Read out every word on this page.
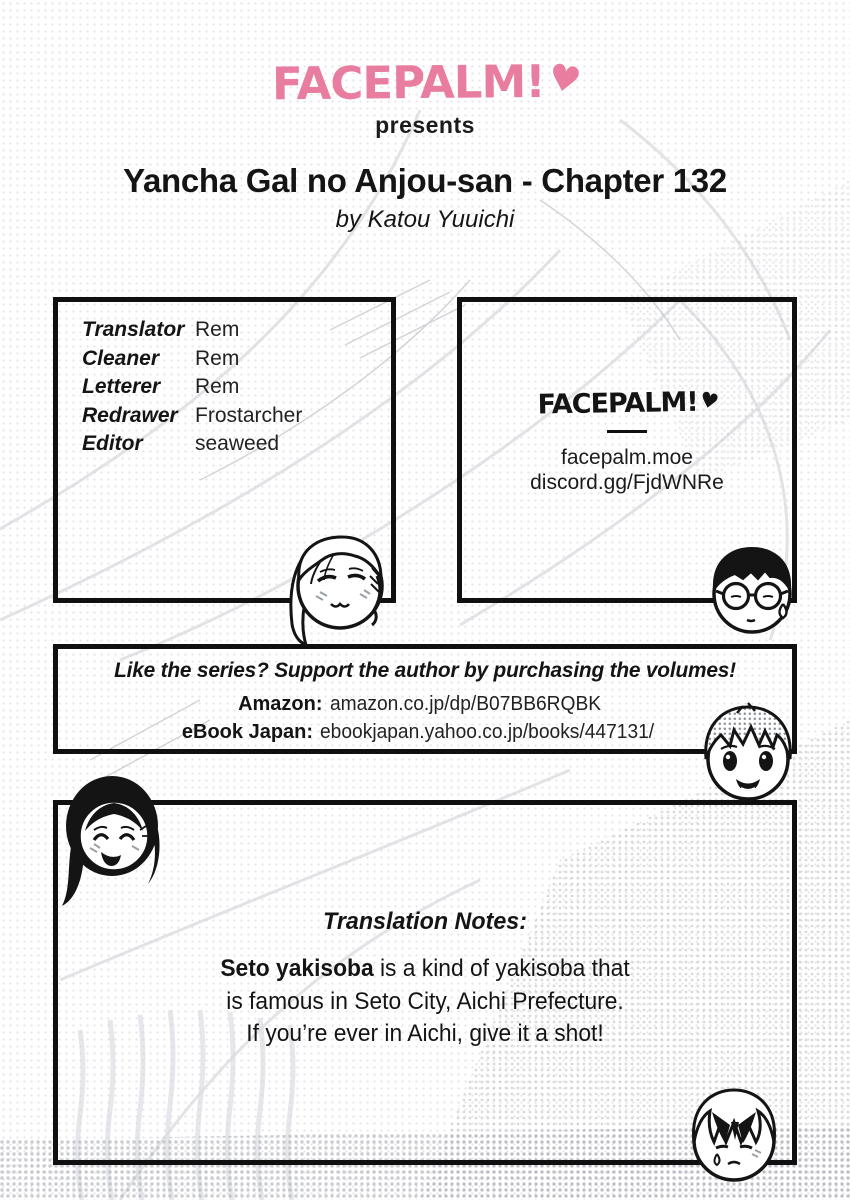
FACEPALM!♥
presents
Yancha Gal no Anjou-san - Chapter 132
by Katou Yuuichi
Translator Rem
Cleaner	Rem
Letterer	Rem
Redrawer Frostarcher
Editor	seaweed
FACEPALM!♥
facepalm.moe
discord.gg/FjdWNRe
Like the series? Support the author by purchasing the volumes!
Amazon: amazon.co.jp/dp/B07BB6RQBK
eBook Japan: ebookjapan.yahoo.co.jp/books/447131/
Translation Notes:
Seto yakisoba is a kind of yakisoba that
is famous in Seto City, Aichi Prefecture.
If you’re ever in Aichi, give it a shot!
